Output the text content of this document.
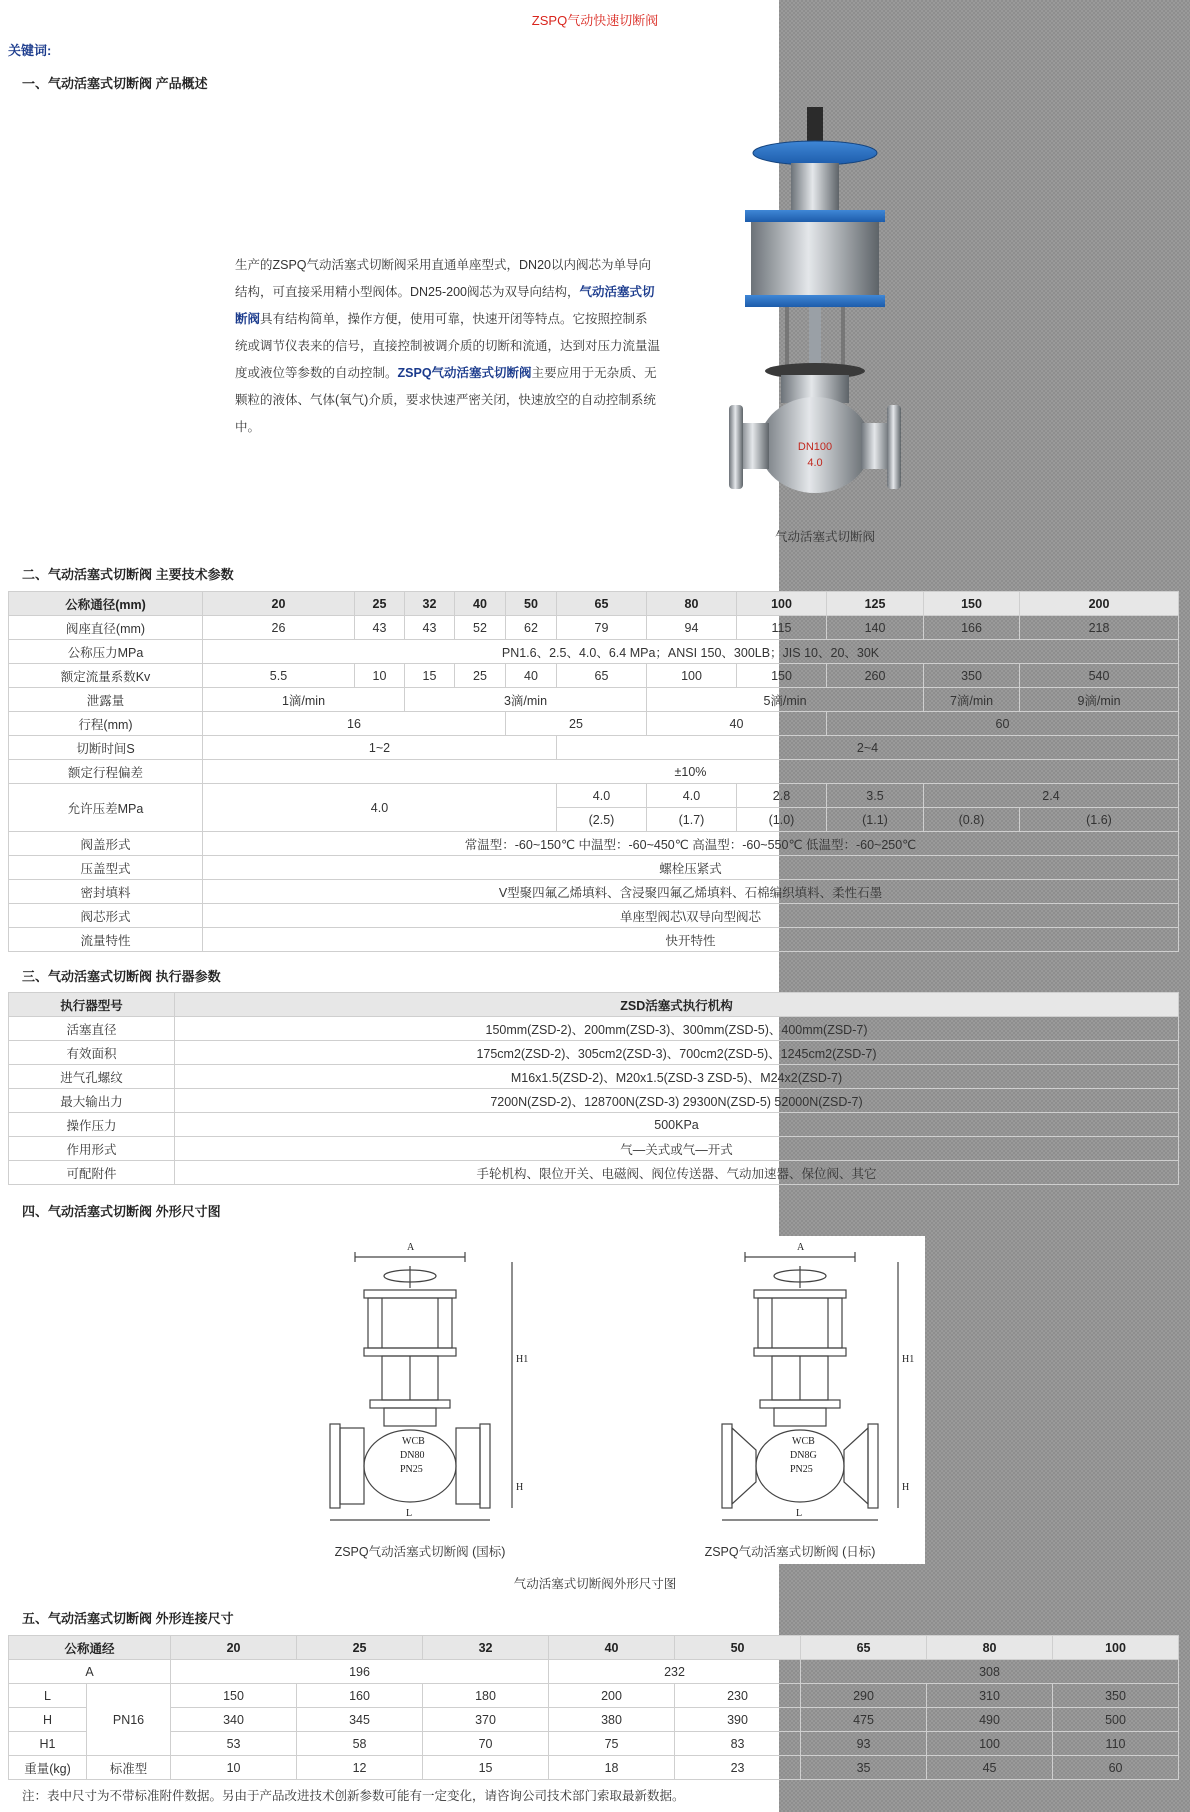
ZSPQ气动快速切断阀
关键词:
一、气动活塞式切断阀 产品概述
生产的ZSPQ气动活塞式切断阀采用直通单座型式，DN20以内阀芯为单导向结构，可直接采用精小型阀体。DN25-200阀芯为双导向结构，气动活塞式切断阀具有结构简单，操作方便，使用可靠，快速开闭等特点。它按照控制系统或调节仪表来的信号，直接控制被调介质的切断和流通，达到对压力流量温度或液位等参数的自动控制。ZSPQ气动活塞式切断阀主要应用于无杂质、无颗粒的液体、气体(氧气)介质，要求快速严密关闭，快速放空的自动控制系统中。
DN100
4.0
气动活塞式切断阀
二、气动活塞式切断阀 主要技术参数
公称通径(mm)	20	25	32	40	50	65	80	100	125	150	200
阀座直径(mm)	26	43	43	52	62	79	94	115	140	166	218
公称压力MPa	PN1.6、2.5、4.0、6.4 MPa；ANSI 150、300LB；JIS 10、20、30K										
额定流量系数Kv	5.5	10	15	25	40	65	100	150	260	350	540
泄露量	1滴/min		3滴/min				5滴/min			7滴/min	9滴/min
行程(mm)	16				25		40		60		
切断时间S	1~2					2~4					
额定行程偏差	±10%										
允许压差MPa	4.0					4.0	4.0	2.8	3.5	2.4	
						(2.5)	(1.7)	(1.0)	(1.1)	(0.8)	(1.6)
阀盖形式	常温型：-60~150℃ 中温型：-60~450℃ 高温型：-60~550℃ 低温型：-60~250℃										
压盖型式	螺栓压紧式										
密封填料	V型聚四氟乙烯填料、含浸聚四氟乙烯填料、石棉编织填料、柔性石墨										
阀芯形式	单座型阀芯\双导向型阀芯										
流量特性	快开特性										
三、气动活塞式切断阀 执行器参数
执行器型号	ZSD活塞式执行机构
活塞直径	150mm(ZSD-2)、200mm(ZSD-3)、300mm(ZSD-5)、400mm(ZSD-7)
有效面积	175cm2(ZSD-2)、305cm2(ZSD-3)、700cm2(ZSD-5)、1245cm2(ZSD-7)
进气孔螺纹	M16x1.5(ZSD-2)、M20x1.5(ZSD-3 ZSD-5)、M24x2(ZSD-7)
最大输出力	7200N(ZSD-2)、128700N(ZSD-3) 29300N(ZSD-5) 52000N(ZSD-7)
操作压力	500KPa
作用形式	气—关式或气—开式
可配附件	手轮机构、限位开关、电磁阀、阀位传送器、气动加速器、保位阀、其它
四、气动活塞式切断阀 外形尺寸图
A
WCB
DN80
PN25
L
H1
H
A
WCB
DN8G
PN25
L
H1
H
ZSPQ气动活塞式切断阀 (国标)	ZSPQ气动活塞式切断阀 (日标)
气动活塞式切断阀外形尺寸图
五、气动活塞式切断阀 外形连接尺寸
公称通经		20	25	32	40	50	65	80	100
A		196			232		308		
L	PN16	150	160	180	200	230	290	310	350
H		340	345	370	380	390	475	490	500
H1		53	58	70	75	83	93	100	110
重量(kg)	标准型	10	12	15	18	23	35	45	60
注：表中尺寸为不带标准附件数据。另由于产品改进技术创新参数可能有一定变化，请咨询公司技术部门索取最新数据。
